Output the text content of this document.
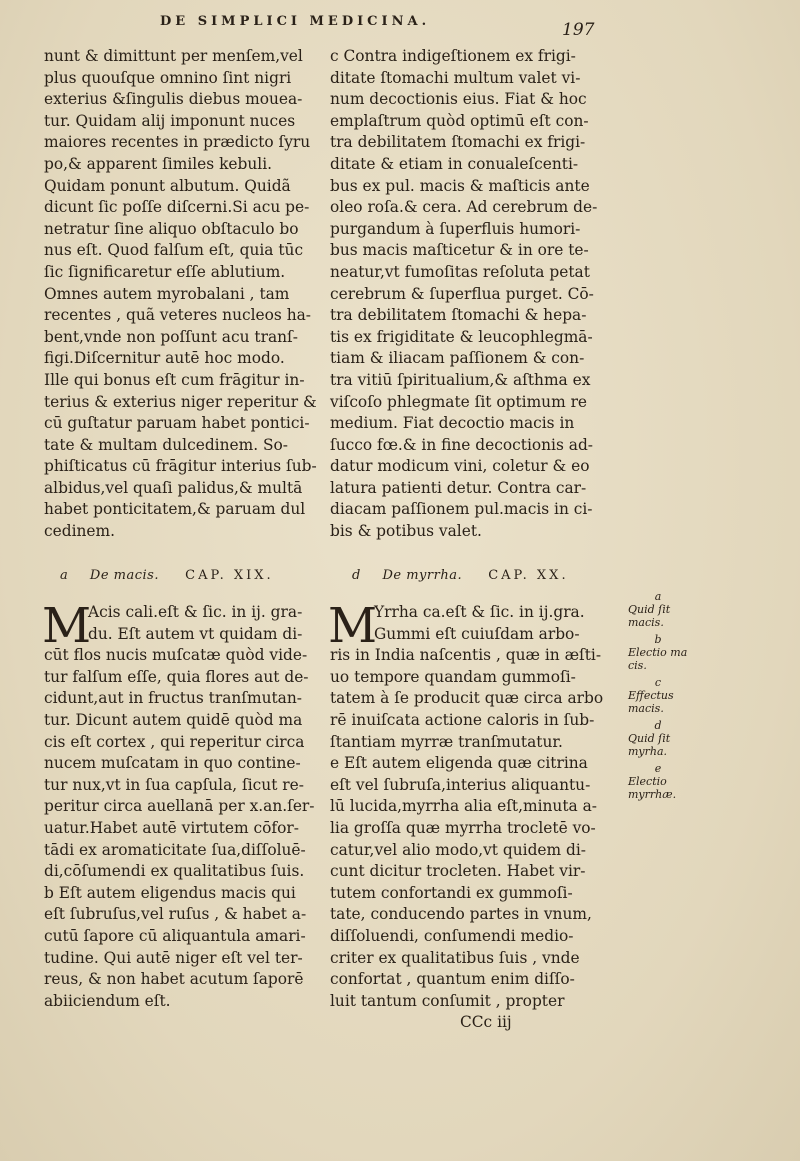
DE SIMPLICI MEDICINA.	197
nunt & dimittunt per menſem,vel
plus quouſque omnino ſint nigri
exterius &ſingulis diebus mouea-
tur. Quidam alij imponunt nuces
maiores recentes in prædicto ſyru
po,& apparent ſimiles kebuli.
Quidam ponunt albutum. Quidã
dicunt ſic poſſe diſcerni.Si acu pe-
netratur ſine aliquo obſtaculo bo
nus eſt. Quod falſum eſt, quia tūc
ſic ſignificaretur eſſe ablutium.
Omnes autem myrobalani , tam
recentes , quã veteres nucleos ha-
bent,vnde non poſſunt acu tranſ-
figi.Diſcernitur autē hoc modo.
Ille qui bonus eſt cum frāgitur in-
terius & exterius niger reperitur &
cū guſtatur paruam habet pontici-
tate & multam dulcedinem. So-
phiſticatus cū frāgitur interius ſub-
albidus,vel quaſi palidus,& multā
habet ponticitatem,& paruam dul
cedinem.
c Contra indigeſtionem ex frigi-
ditate ſtomachi multum valet vi-
num decoctionis eius. Fiat & hoc
emplaſtrum quòd optimū eſt con-
tra debilitatem ſtomachi ex frigi-
ditate & etiam in conualeſcenti-
bus ex pul. macis & maſticis ante
oleo roſa.& cera. Ad cerebrum de-
purgandum à ſuperfluis humori-
bus macis maſticetur & in ore te-
neatur,vt fumoſitas reſoluta petat
cerebrum & ſuperflua purget. Cō-
tra debilitatem ſtomachi & hepa-
tis ex frigiditate & leucophlegmā-
tiam & iliacam paſſionem & con-
tra vitiū ſpiritualium,& aſthma ex
viſcoſo phlegmate ſit optimum re
medium. Fiat decoctio macis in
ſucco fœ.& in fine decoctionis ad-
datur modicum vini, coletur & eo
latura patienti detur. Contra car-
diacam paſſionem pul.macis in ci-
bis & potibus valet.
a De macis. CAP. XIX.	d De myrrha. CAP. XX.
M
Acis cali.eſt & ſic. in ij. gra-
du. Eſt autem vt quidam di-
cūt flos nucis muſcatæ quòd vide-
tur falſum eſſe, quia flores aut de-
cidunt,aut in fructus tranſmutan-
tur. Dicunt autem quidē quòd ma
cis eſt cortex , qui reperitur circa
nucem muſcatam in quo contine-
tur nux,vt in ſua capſula, ſicut re-
peritur circa auellanā per x.an.ſer-
uatur.Habet autē virtutem cōfor-
tādi ex aromaticitate ſua,diſſoluē-
di,cōſumendi ex qualitatibus ſuis.
b Eſt autem eligendus macis qui
eſt ſubruſus,vel ruſus , & habet a-
cutū ſapore cū aliquantula amari-
tudine. Qui autē niger eſt vel ter-
reus, & non habet acutum ſaporē
abiiciendum eſt.
M
Yrrha ca.eſt & ſic. in ij.gra.
Gummi eſt cuiuſdam arbo-
ris in India naſcentis , quæ in æſti-
uo tempore quandam gummoſi-
tatem à ſe producit quæ circa arbo
rē inuiſcata actione caloris in ſub-
ſtantiam myrræ tranſmutatur.
e Eſt autem eligenda quæ citrina
eſt vel ſubruſa,interius aliquantu-
lū lucida,myrrha alia eſt,minuta a-
lia groſſa quæ myrrha trocletē vo-
catur,vel alio modo,vt quidem di-
cunt dicitur trocleten. Habet vir-
tutem confortandi ex gummoſi-
tate, conducendo partes in vnum,
diſſoluendi, conſumendi medio-
criter ex qualitatibus ſuis , vnde
confortat , quantum enim diſſo-
luit tantum conſumit , propter
CCc iij
a
Quid ſit
macis.
b
Electio ma
cis.
c
Effectus
macis.
d
Quid ſit
myrha.
e
Electio
myrrhæ.
